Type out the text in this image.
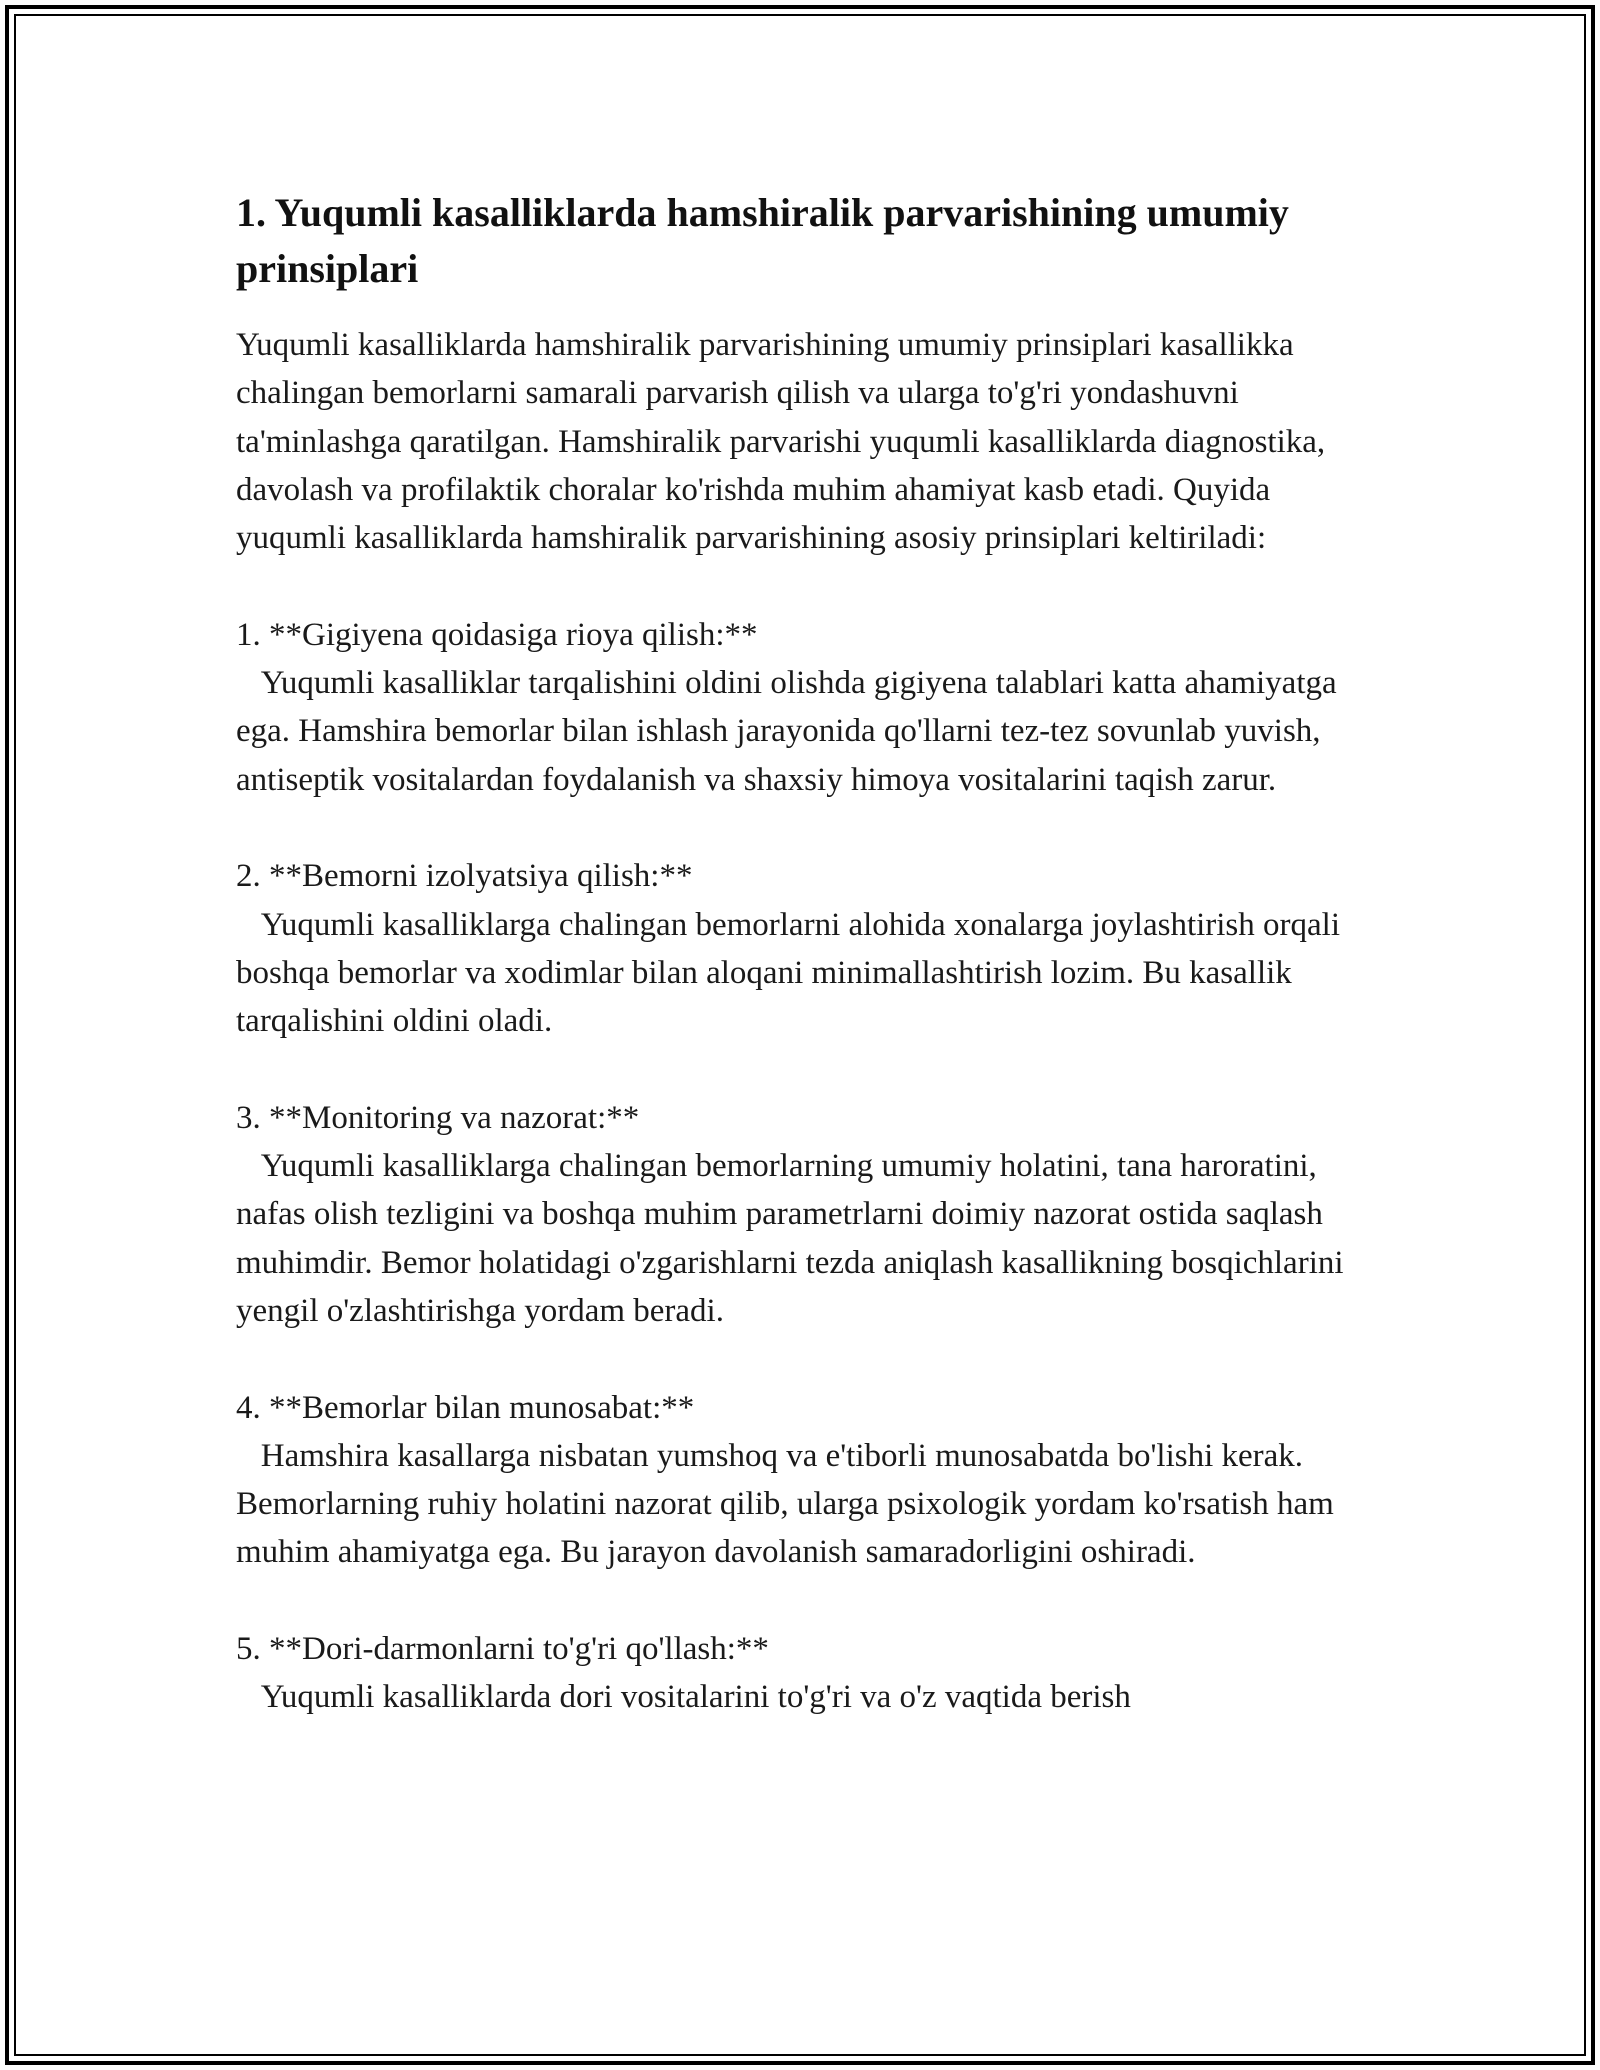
1. Yuqumli kasalliklarda hamshiralik parvarishining umumiy prinsiplari

Yuqumli kasalliklarda hamshiralik parvarishining umumiy prinsiplari kasallikka chalingan bemorlarni samarali parvarish qilish va ularga to'g'ri yondashuvni ta'minlashga qaratilgan. Hamshiralik parvarishi yuqumli kasalliklarda diagnostika, davolash va profilaktik choralar ko'rishda muhim ahamiyat kasb etadi. Quyida yuqumli kasalliklarda hamshiralik parvarishining asosiy prinsiplari keltiriladi:

1. **Gigiyena qoidasiga rioya qilish:**
Yuqumli kasalliklar tarqalishini oldini olishda gigiyena talablari katta ahamiyatga ega. Hamshira bemorlar bilan ishlash jarayonida qo'llarni tez-tez sovunlab yuvish, antiseptik vositalardan foydalanish va shaxsiy himoya vositalarini taqish zarur.

2. **Bemorni izolyatsiya qilish:**
Yuqumli kasalliklarga chalingan bemorlarni alohida xonalarga joylashtirish orqali boshqa bemorlar va xodimlar bilan aloqani minimallashtirish lozim. Bu kasallik tarqalishini oldini oladi.

3. **Monitoring va nazorat:**
Yuqumli kasalliklarga chalingan bemorlarning umumiy holatini, tana haroratini, nafas olish tezligini va boshqa muhim parametrlarni doimiy nazorat ostida saqlash muhimdir. Bemor holatidagi o'zgarishlarni tezda aniqlash kasallikning bosqichlarini yengil o'zlashtirishga yordam beradi.

4. **Bemorlar bilan munosabat:**
Hamshira kasallarga nisbatan yumshoq va e'tiborli munosabatda bo'lishi kerak. Bemorlarning ruhiy holatini nazorat qilib, ularga psixologik yordam ko'rsatish ham muhim ahamiyatga ega. Bu jarayon davolanish samaradorligini oshiradi.

5. **Dori-darmonlarni to'g'ri qo'llash:**
Yuqumli kasalliklarda dori vositalarini to'g'ri va o'z vaqtida berish
